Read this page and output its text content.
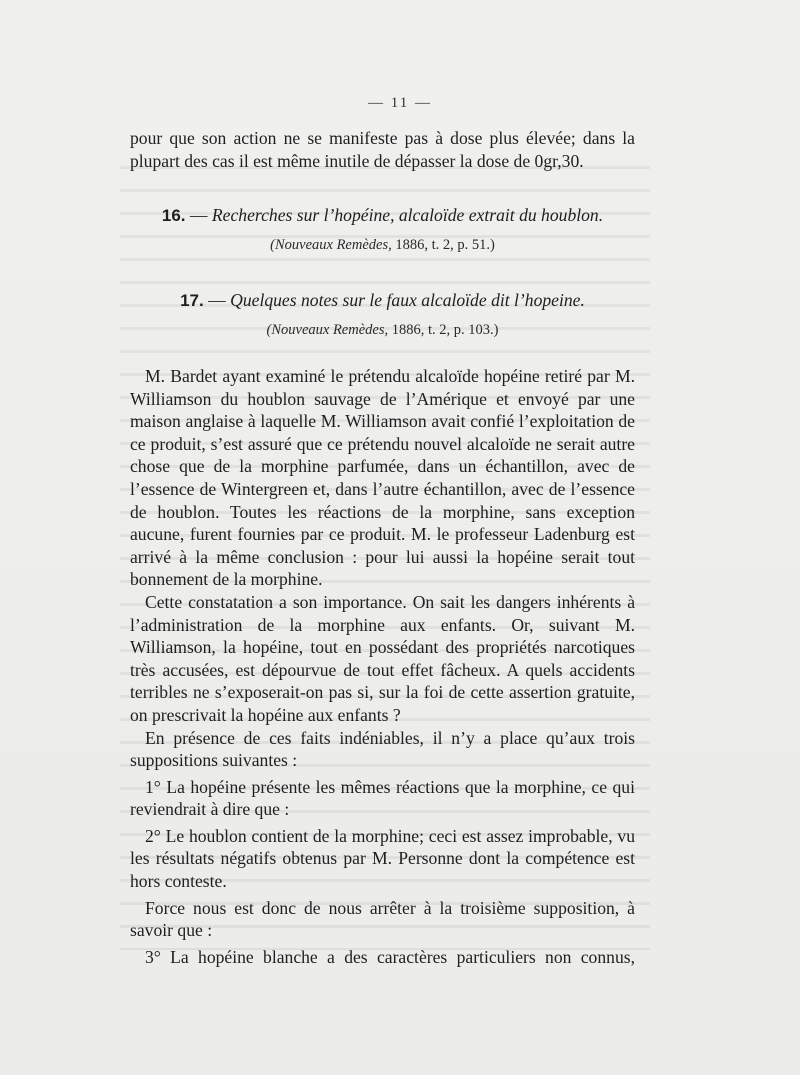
— 11 —

pour que son action ne se manifeste pas à dose plus élevée; dans la

plupart des cas il est même inutile de dépasser la dose de 0gr,30.

16. — Recherches sur l’hopéine, alcaloïde extrait du houblon.
(Nouveaux Remèdes, 1886, t. 2, p. 51.)
17. — Quelques notes sur le faux alcaloïde dit l’hopeine.
(Nouveaux Remèdes, 1886, t. 2, p. 103.)

M. Bardet ayant examiné le prétendu alcaloïde hopéine retiré par M. Williamson du houblon sauvage de l’Amérique et envoyé par une maison anglaise à laquelle M. Williamson avait confié l’exploitation de ce produit, s’est assuré que ce prétendu nouvel alcaloïde ne serait autre chose que de la morphine parfumée, dans un échantillon, avec de l’essence de Wintergreen et, dans l’autre échantillon, avec de l’essence de houblon. Toutes les réactions de la morphine, sans exception aucune, furent fournies par ce produit. M. le professeur Ladenburg est arrivé à la même conclusion : pour lui aussi la hopéine serait tout bonnement de la morphine.

Cette constatation a son importance. On sait les dangers inhérents à l’administration de la morphine aux enfants. Or, suivant M. Williamson, la hopéine, tout en possédant des propriétés narcotiques très accusées, est dépourvue de tout effet fâcheux. A quels accidents terribles ne s’exposerait-on pas si, sur la foi de cette assertion gratuite, on prescrivait la hopéine aux enfants ?

En présence de ces faits indéniables, il n’y a place qu’aux trois suppositions suivantes :

1° La hopéine présente les mêmes réactions que la morphine, ce qui reviendrait à dire que :

2° Le houblon contient de la morphine; ceci est assez improbable, vu les résultats négatifs obtenus par M. Personne dont la compétence est hors conteste.

Force nous est donc de nous arrêter à la troisième supposition, à savoir que :

3° La hopéine blanche a des caractères particuliers non connus,
